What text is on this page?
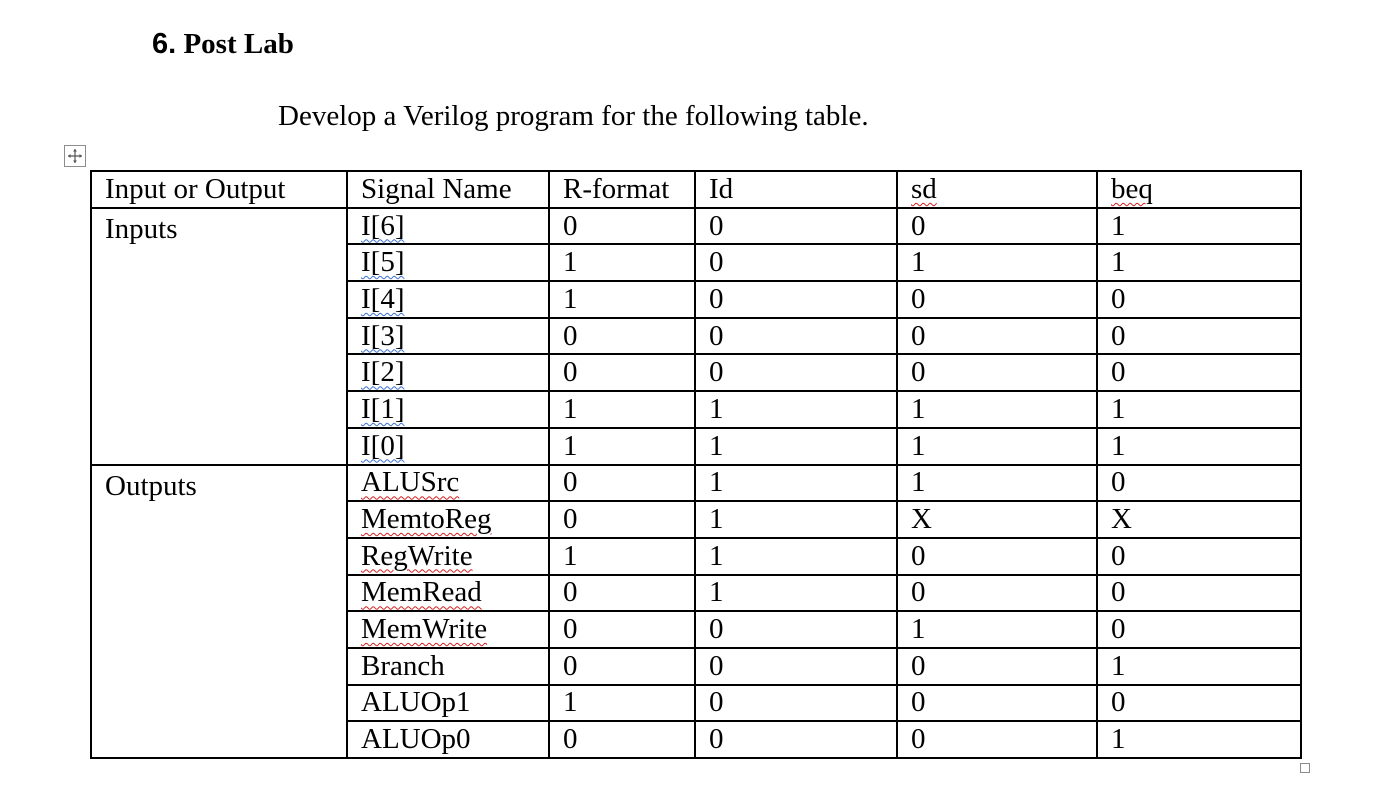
6. Post Lab
Develop a Verilog program for the following table.
Input or Output	Signal Name	R-format	Id	sd	beq
Inputs	I[6]	0	0	0	1
	I[5]	1	0	1	1
	I[4]	1	0	0	0
	I[3]	0	0	0	0
	I[2]	0	0	0	0
	I[1]	1	1	1	1
	I[0]	1	1	1	1
Outputs	ALUSrc	0	1	1	0
	MemtoReg	0	1	X	X
	RegWrite	1	1	0	0
	MemRead	0	1	0	0
	MemWrite	0	0	1	0
	Branch	0	0	0	1
	ALUOp1	1	0	0	0
	ALUOp0	0	0	0	1
